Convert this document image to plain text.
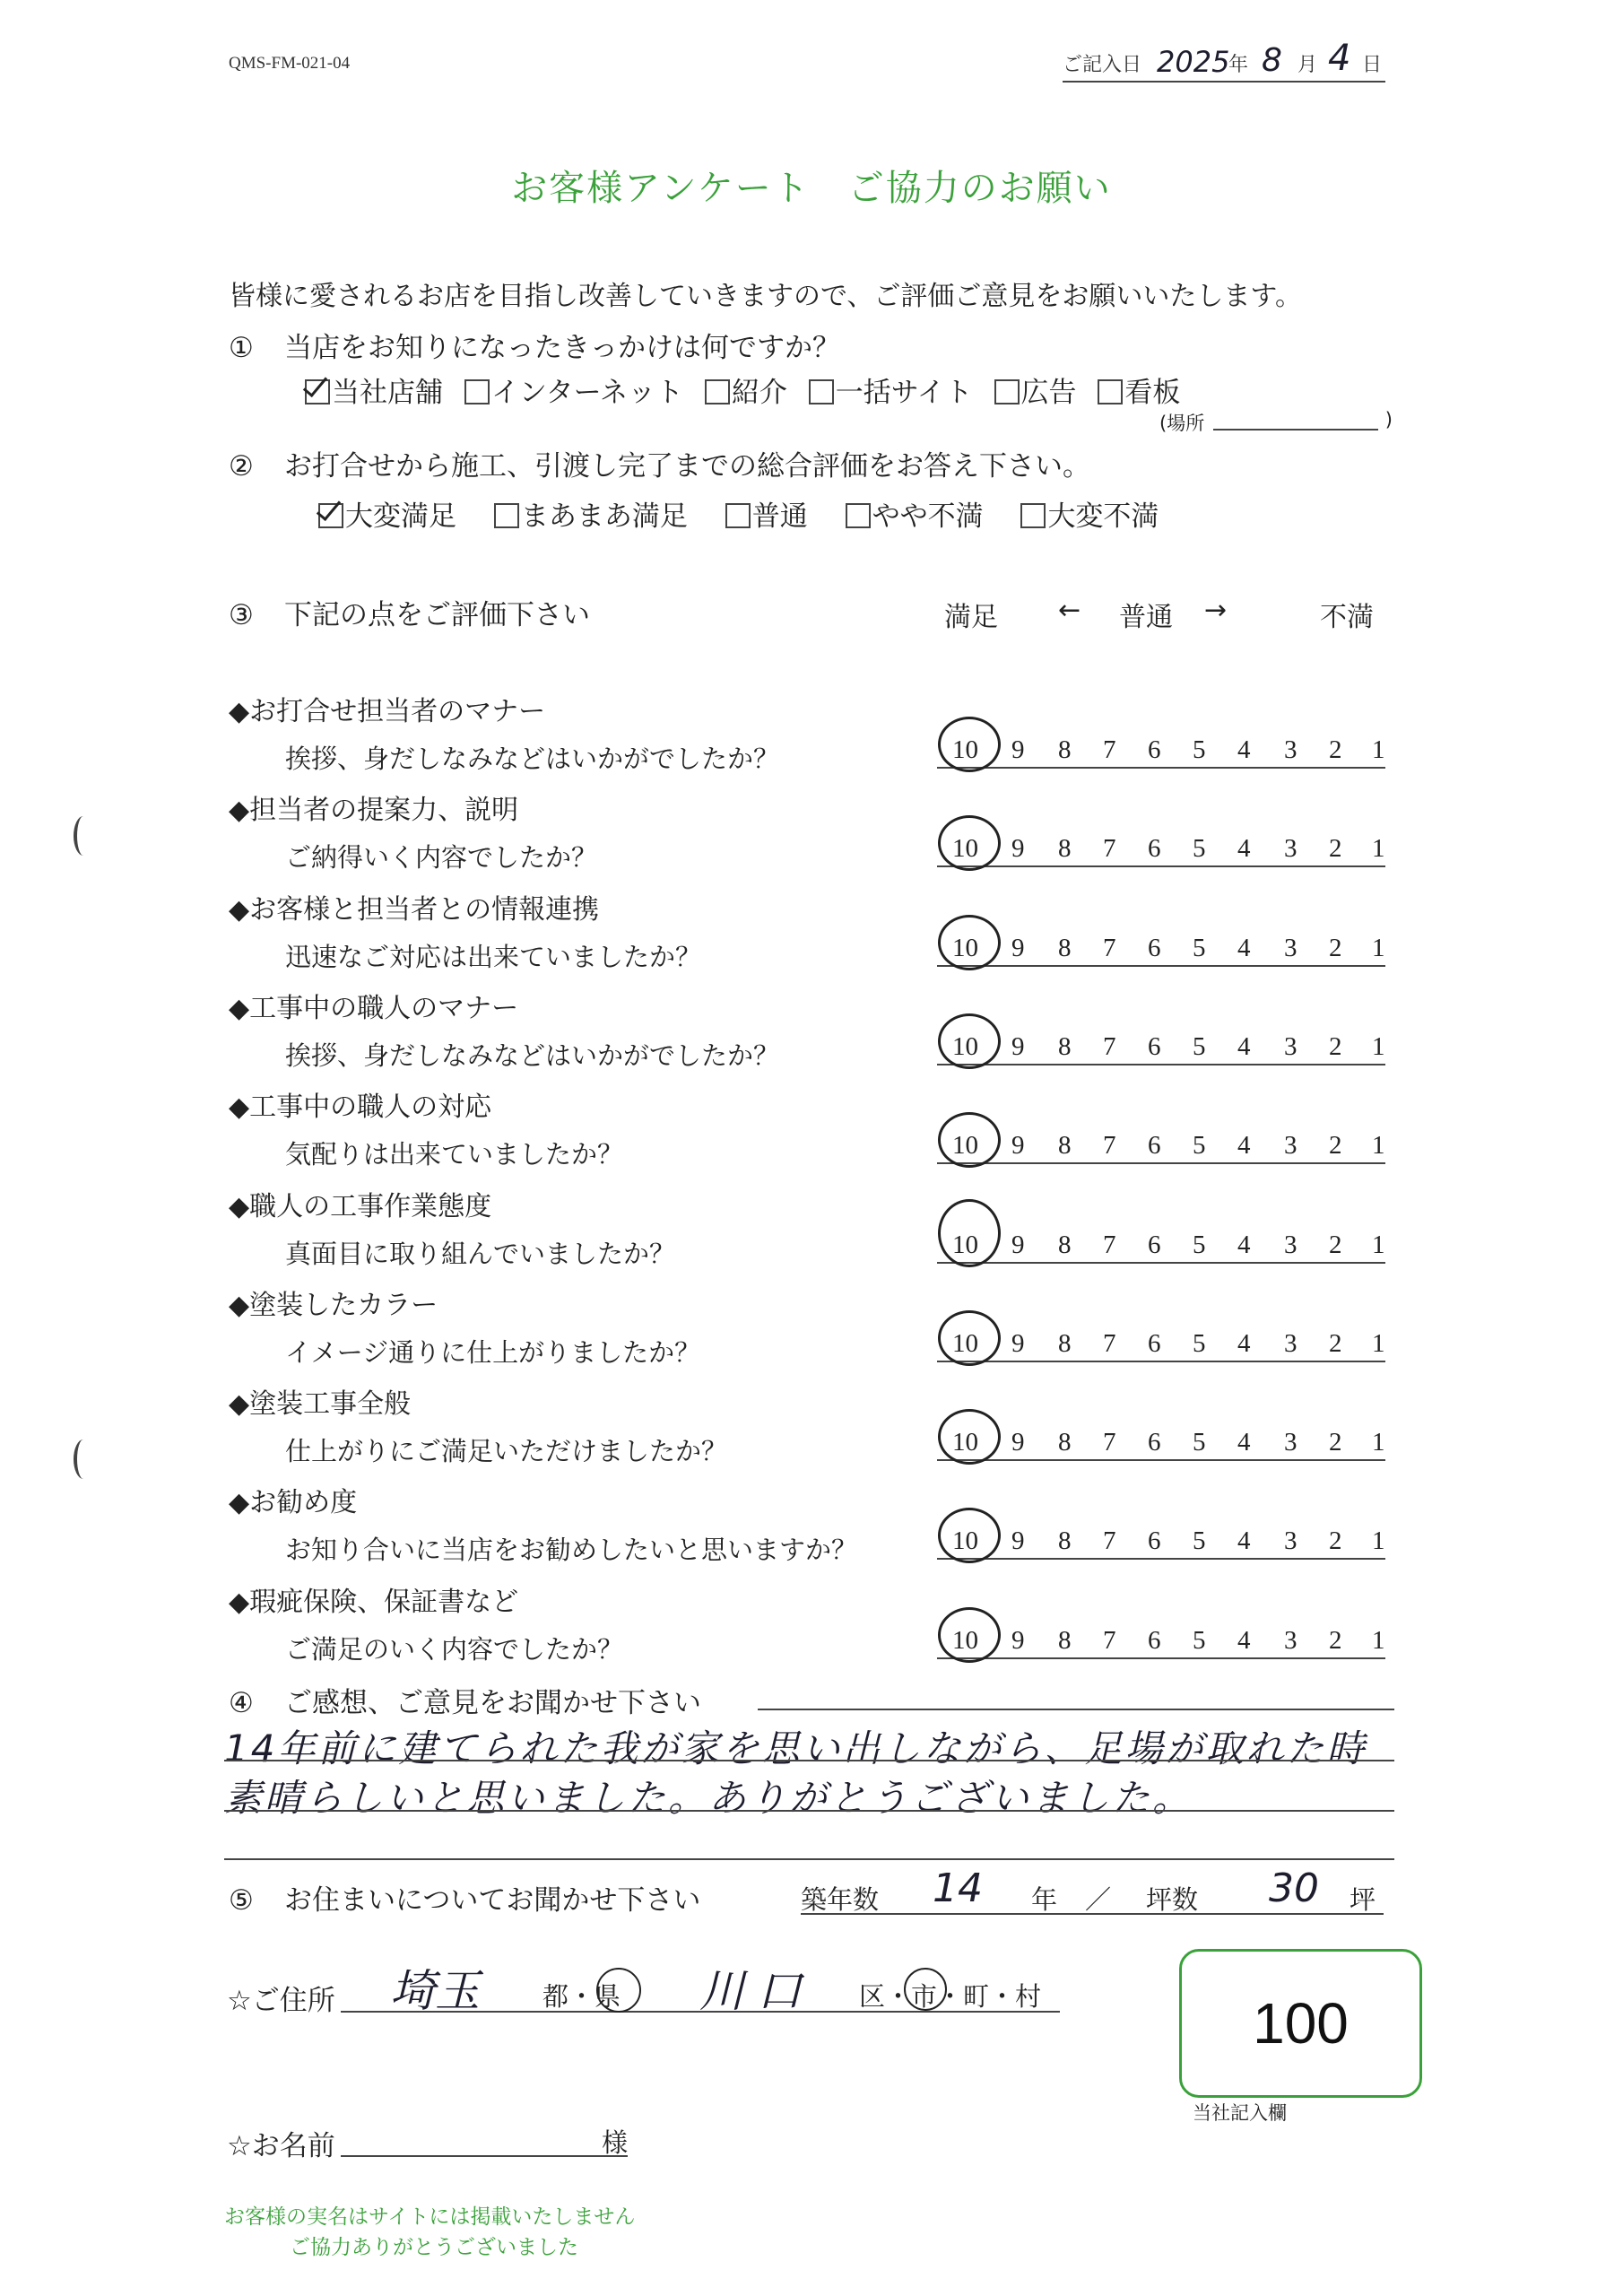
QMS-FM-021-04	ご記入日 2025
年 8 月 4 日
お客様アンケート　ご協力のお願い
皆様に愛されるお店を目指し改善していきますので、ご評価ご意見をお願いいたします。
① 当店をお知りになったきっかけは何ですか？
当社店舗 インターネット 紹介 一括サイト 広告 看板
(場所	)
② お打合せから施工、引渡し完了までの総合評価をお答え下さい。
大変満足 まあまあ満足 普通 やや不満 大変不満
③ 下記の点をご評価下さい	満足 ← 普通 →	不満
◆ お打合せ担当者のマナー
挨拶、身だしなみなどはいかがでしたか？	10 9 8 7 6 5 4 3 2 1
◆ 担当者の提案力、説明
ご納得いく内容でしたか？	10 9 8 7 6 5 4 3 2 1
◆ お客様と担当者との情報連携
迅速なご対応は出来ていましたか？	10 9 8 7 6 5 4 3 2 1
◆ 工事中の職人のマナー
挨拶、身だしなみなどはいかがでしたか？	10 9 8 7 6 5 4 3 2 1
◆ 工事中の職人の対応
気配りは出来ていましたか？	10 9 8 7 6 5 4 3 2 1
◆ 職人の工事作業態度
真面目に取り組んでいましたか？	10 9 8 7 6 5 4 3 2 1
◆ 塗装したカラー
イメージ通りに仕上がりましたか？	10 9 8 7 6 5 4 3 2 1
◆ 塗装工事全般
仕上がりにご満足いただけましたか？	10 9 8 7 6 5 4 3 2 1
◆ お勧め度
お知り合いに当店をお勧めしたいと思いますか？	10 9 8 7 6 5 4 3 2 1
◆ 瑕疵保険、保証書など
ご満足のいく内容でしたか？	10 9 8 7 6 5 4 3 2 1
④ ご感想、ご意見をお聞かせ下さい
14年前に建てられた我が家を思い出しながら、足場が取れた時
素晴らしいと思いました。ありがとうございました。
⑤ お住まいについてお聞かせ下さい	築年数 14 年 ／ 坪数 30 坪
☆ご住所 埼玉 都・県 川口 区・市・町・村
☆お名前	様
100
当社記入欄
お客様の実名はサイトには掲載いたしません
ご協力ありがとうございました
